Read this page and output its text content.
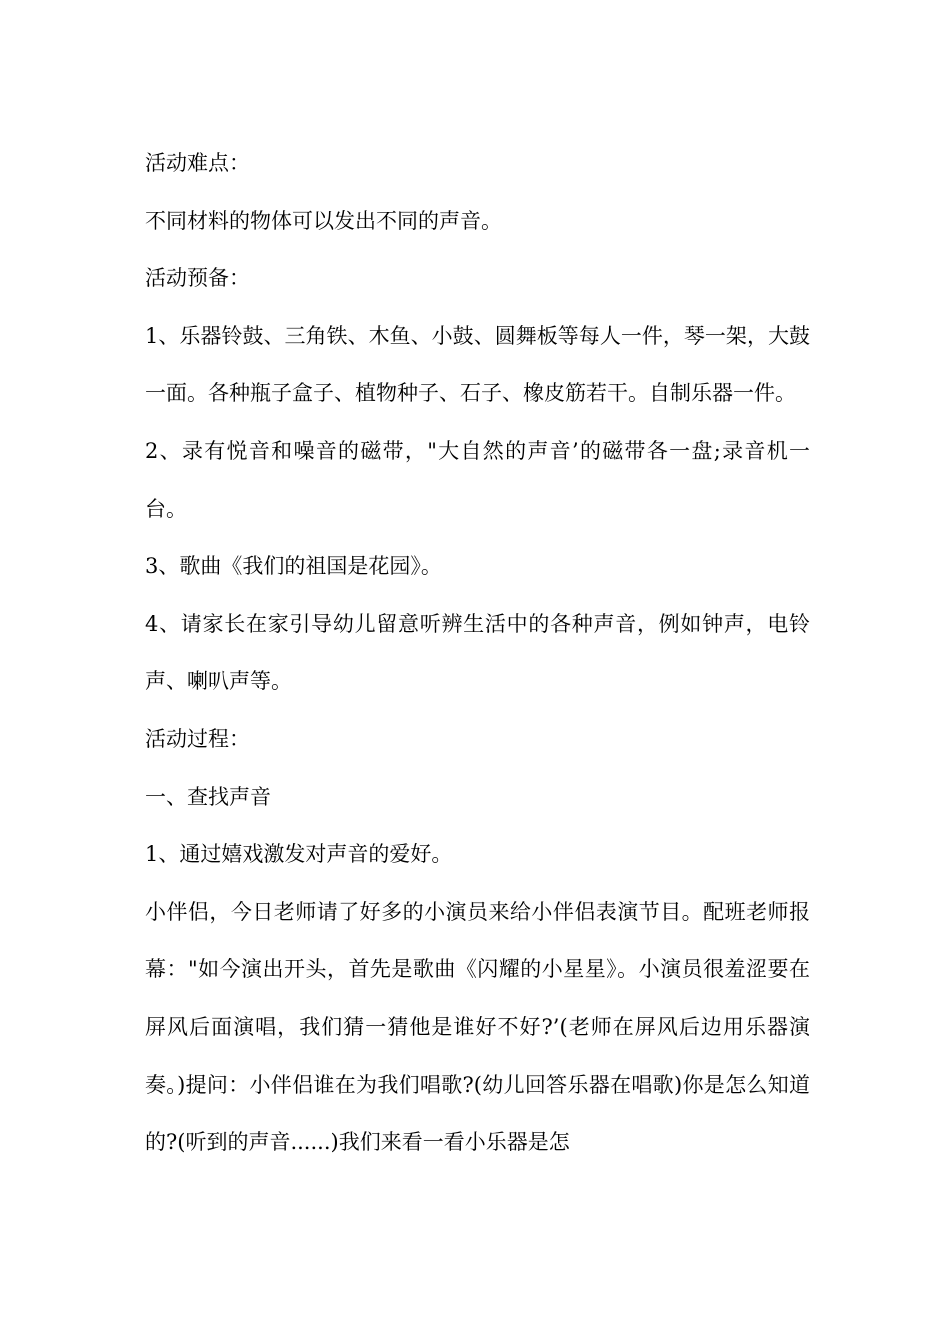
活动难点：

不同材料的物体可以发出不同的声音。

活动预备：

1、乐器铃鼓、三角铁、木鱼、小鼓、圆舞板等每人一件，琴一架，大鼓一面。各种瓶子盒子、植物种子、石子、橡皮筋若干。自制乐器一件。

2、录有悦音和噪音的磁带，"大自然的声音’的磁带各一盘;录音机一台。

3、歌曲《我们的祖国是花园》。

4、请家长在家引导幼儿留意听辨生活中的各种声音，例如钟声，电铃声、喇叭声等。

活动过程：

一、查找声音

1、通过嬉戏激发对声音的爱好。

小伴侣，今日老师请了好多的小演员来给小伴侣表演节目。配班老师报幕："如今演出开头，首先是歌曲《闪耀的小星星》。小演员很羞涩要在屏风后面演唱，我们猜一猜他是谁好不好?’(老师在屏风后边用乐器演奏。)提问：小伴侣谁在为我们唱歌?(幼儿回答乐器在唱歌)你是怎么知道的?(听到的声音......)我们来看一看小乐器是怎
